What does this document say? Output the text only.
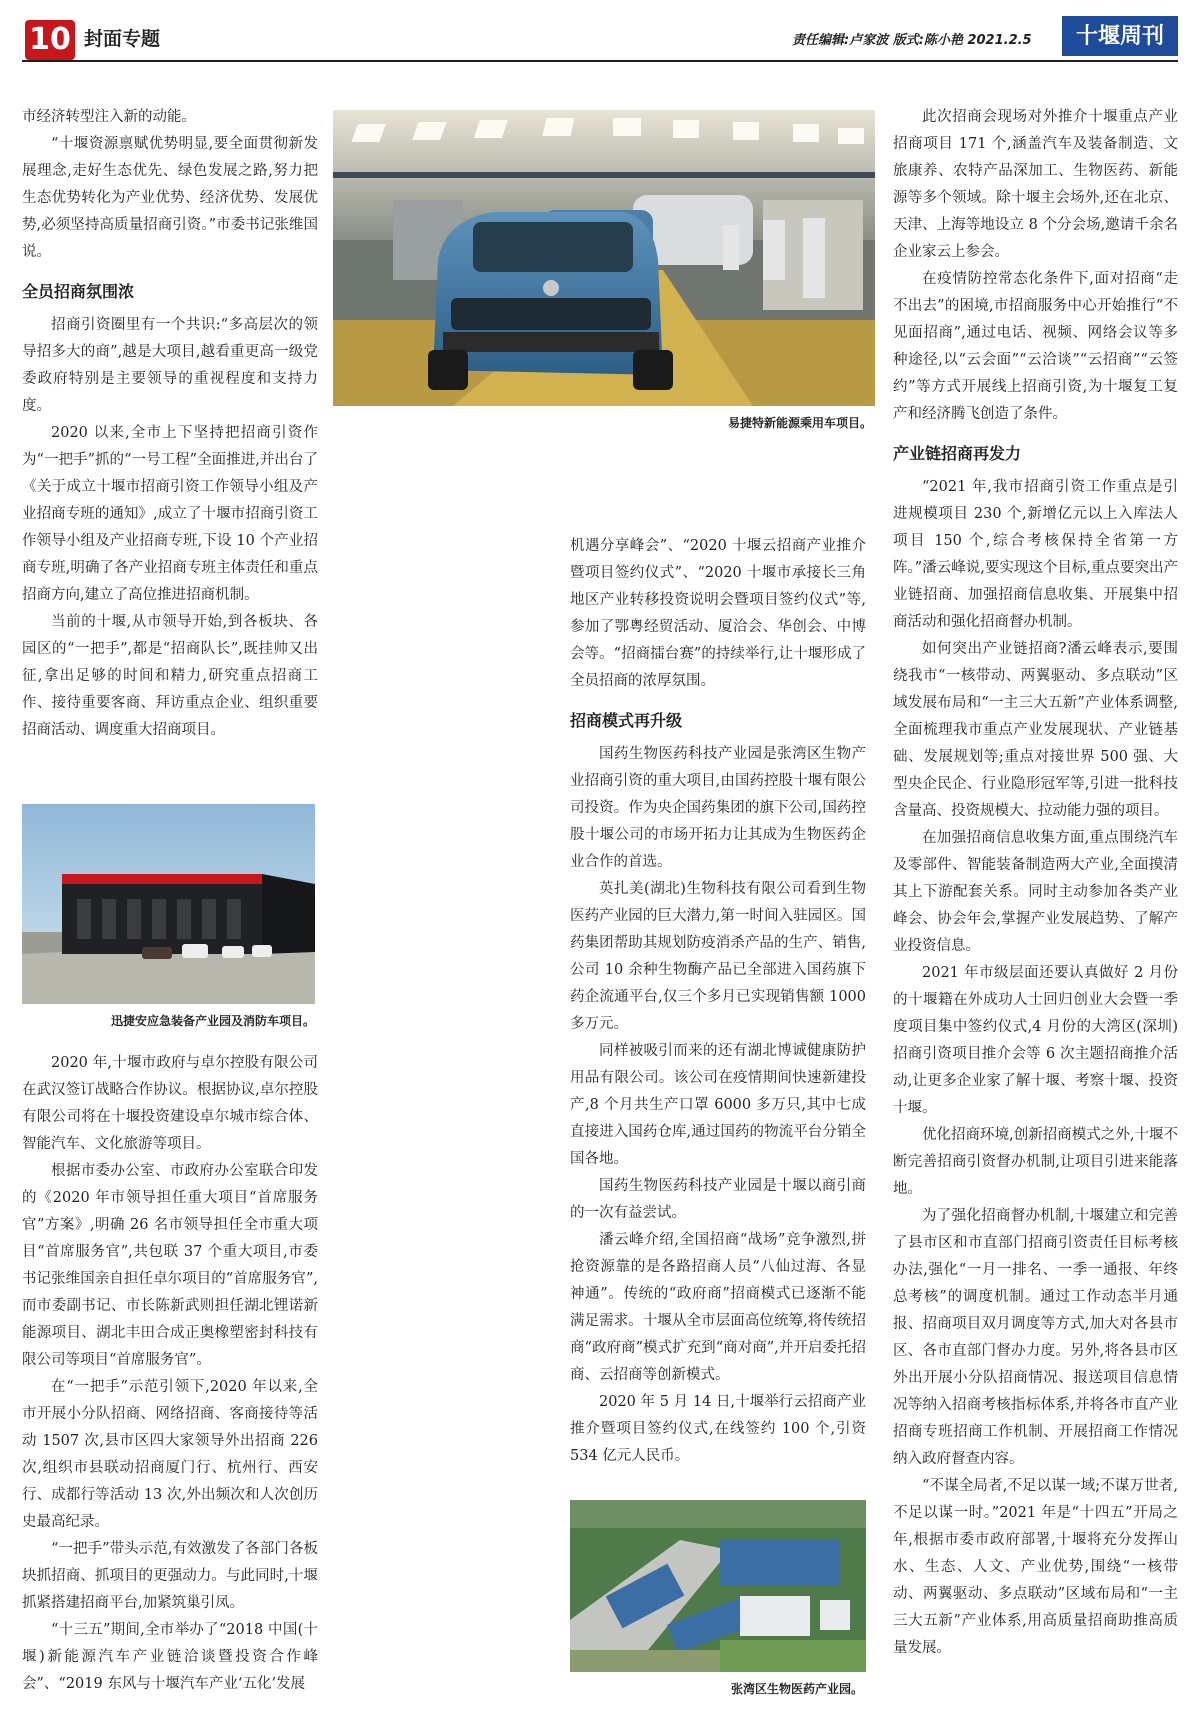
10 封面专题	责任编辑:卢家波 版式:陈小艳 2021.2.5	十堰周刊
易捷特新能源乘用车项目。

市经济转型注入新的动能。

“十堰资源禀赋优势明显,要全面贯彻新发展理念,走好生态优先、绿色发展之路,努力把生态优势转化为产业优势、经济优势、发展优势,必须坚持高质量招商引资。”市委书记张维国说。

全员招商氛围浓

招商引资圈里有一个共识:“多高层次的领导招多大的商”,越是大项目,越看重更高一级党委政府特别是主要领导的重视程度和支持力度。

2020 以来,全市上下坚持把招商引资作为“一把手”抓的“一号工程”全面推进,并出台了《关于成立十堰市招商引资工作领导小组及产业招商专班的通知》,成立了十堰市招商引资工作领导小组及产业招商专班,下设 10 个产业招商专班,明确了各产业招商专班主体责任和重点招商方向,建立了高位推进招商机制。

当前的十堰,从市领导开始,到各板块、各园区的“一把手”,都是“招商队长”,既挂帅又出征,拿出足够的时间和精力,研究重点招商工作、接待重要客商、拜访重点企业、组织重要招商活动、调度重大招商项目。

迅捷安应急装备产业园及消防车项目。

2020 年,十堰市政府与卓尔控股有限公司在武汉签订战略合作协议。根据协议,卓尔控股有限公司将在十堰投资建设卓尔城市综合体、智能汽车、文化旅游等项目。

根据市委办公室、市政府办公室联合印发的《2020 年市领导担任重大项目“首席服务官”方案》,明确 26 名市领导担任全市重大项目“首席服务官”,共包联 37 个重大项目,市委书记张维国亲自担任卓尔项目的“首席服务官”,而市委副书记、市长陈新武则担任湖北锂诺新能源项目、湖北丰田合成正奥橡塑密封科技有限公司等项目“首席服务官”。

在“一把手”示范引领下,2020 年以来,全市开展小分队招商、网络招商、客商接待等活动 1507 次,县市区四大家领导外出招商 226 次,组织市县联动招商厦门行、杭州行、西安行、成都行等活动 13 次,外出频次和人次创历史最高纪录。

“一把手”带头示范,有效激发了各部门各板块抓招商、抓项目的更强动力。与此同时,十堰抓紧搭建招商平台,加紧筑巢引凤。

“十三五”期间,全市举办了“2018 中国(十堰)新能源汽车产业链洽谈暨投资合作峰会”、“2019 东风与十堰汽车产业‘五化’发展

机遇分享峰会”、“2020 十堰云招商产业推介暨项目签约仪式”、“2020 十堰市承接长三角地区产业转移投资说明会暨项目签约仪式”等,参加了鄂粤经贸活动、厦洽会、华创会、中博会等。“招商擂台赛”的持续举行,让十堰形成了全员招商的浓厚氛围。

招商模式再升级

国药生物医药科技产业园是张湾区生物产业招商引资的重大项目,由国药控股十堰有限公司投资。作为央企国药集团的旗下公司,国药控股十堰公司的市场开拓力让其成为生物医药企业合作的首选。

英扎美(湖北)生物科技有限公司看到生物医药产业园的巨大潜力,第一时间入驻园区。国药集团帮助其规划防疫消杀产品的生产、销售,公司 10 余种生物酶产品已全部进入国药旗下药企流通平台,仅三个多月已实现销售额 1000 多万元。

同样被吸引而来的还有湖北博诚健康防护用品有限公司。该公司在疫情期间快速新建投产,8 个月共生产口罩 6000 多万只,其中七成直接进入国药仓库,通过国药的物流平台分销全国各地。

国药生物医药科技产业园是十堰以商引商的一次有益尝试。

潘云峰介绍,全国招商“战场”竞争激烈,拼抢资源靠的是各路招商人员“八仙过海、各显神通”。传统的“政府商”招商模式已逐渐不能满足需求。十堰从全市层面高位统筹,将传统招商“政府商”模式扩充到“商对商”,并开启委托招商、云招商等创新模式。

2020 年 5 月 14 日,十堰举行云招商产业推介暨项目签约仪式,在线签约 100 个,引资 534 亿元人民币。

张湾区生物医药产业园。

此次招商会现场对外推介十堰重点产业招商项目 171 个,涵盖汽车及装备制造、文旅康养、农特产品深加工、生物医药、新能源等多个领域。除十堰主会场外,还在北京、天津、上海等地设立 8 个分会场,邀请千余名企业家云上参会。

在疫情防控常态化条件下,面对招商“走不出去”的困境,市招商服务中心开始推行“不见面招商”,通过电话、视频、网络会议等多种途径,以“云会面”“云洽谈”“云招商”“云签约”等方式开展线上招商引资,为十堰复工复产和经济腾飞创造了条件。

产业链招商再发力

“2021 年,我市招商引资工作重点是引进规模项目 230 个,新增亿元以上入库法人项目 150 个,综合考核保持全省第一方阵。”潘云峰说,要实现这个目标,重点要突出产业链招商、加强招商信息收集、开展集中招商活动和强化招商督办机制。

如何突出产业链招商?潘云峰表示,要围绕我市“一核带动、两翼驱动、多点联动”区域发展布局和“一主三大五新”产业体系调整,全面梳理我市重点产业发展现状、产业链基础、发展规划等;重点对接世界 500 强、大型央企民企、行业隐形冠军等,引进一批科技含量高、投资规模大、拉动能力强的项目。

在加强招商信息收集方面,重点围绕汽车及零部件、智能装备制造两大产业,全面摸清其上下游配套关系。同时主动参加各类产业峰会、协会年会,掌握产业发展趋势、了解产业投资信息。

2021 年市级层面还要认真做好 2 月份的十堰籍在外成功人士回归创业大会暨一季度项目集中签约仪式,4 月份的大湾区(深圳)招商引资项目推介会等 6 次主题招商推介活动,让更多企业家了解十堰、考察十堰、投资十堰。

优化招商环境,创新招商模式之外,十堰不断完善招商引资督办机制,让项目引进来能落地。

为了强化招商督办机制,十堰建立和完善了县市区和市直部门招商引资责任目标考核办法,强化“一月一排名、一季一通报、年终总考核”的调度机制。通过工作动态半月通报、招商项目双月调度等方式,加大对各县市区、各市直部门督办力度。另外,将各县市区外出开展小分队招商情况、报送项目信息情况等纳入招商考核指标体系,并将各市直产业招商专班招商工作机制、开展招商工作情况纳入政府督查内容。

“不谋全局者,不足以谋一域;不谋万世者,不足以谋一时。”2021 年是“十四五”开局之年,根据市委市政府部署,十堰将充分发挥山水、生态、人文、产业优势,围绕“一核带动、两翼驱动、多点联动”区域布局和“一主三大五新”产业体系,用高质量招商助推高质量发展。
